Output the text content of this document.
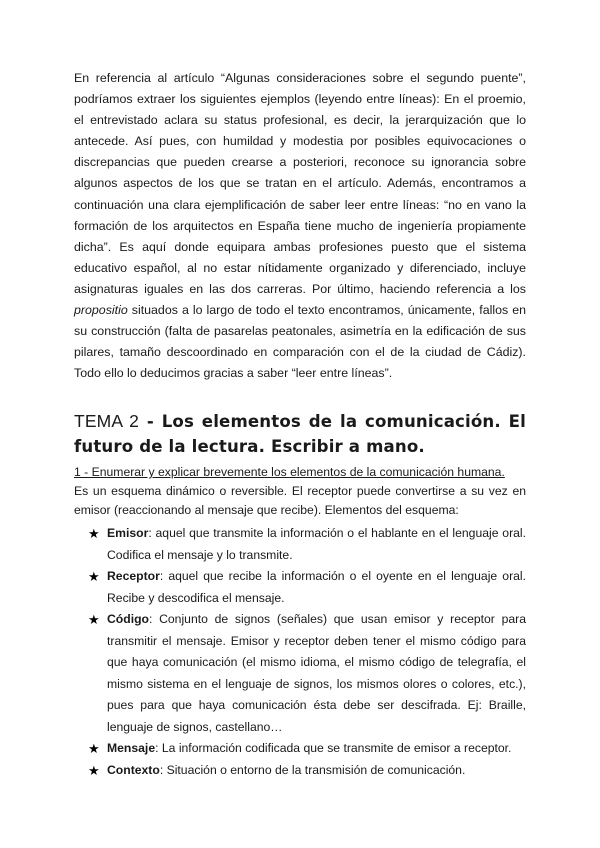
En referencia al artículo “Algunas consideraciones sobre el segundo puente”, podríamos extraer los siguientes ejemplos (leyendo entre líneas): En el proemio, el entrevistado aclara su status profesional, es decir, la jerarquización que lo antecede. Así pues, con humildad y modestia por posibles equivocaciones o discrepancias que pueden crearse a posteriori, reconoce su ignorancia sobre algunos aspectos de los que se tratan en el artículo. Además, encontramos a continuación una clara ejemplificación de saber leer entre líneas: “no en vano la formación de los arquitectos en España tiene mucho de ingeniería propiamente dicha”. Es aquí donde equipara ambas profesiones puesto que el sistema educativo español, al no estar nítidamente organizado y diferenciado, incluye asignaturas iguales en las dos carreras. Por último, haciendo referencia a los propositio situados a lo largo de todo el texto encontramos, únicamente, fallos en su construcción (falta de pasarelas peatonales, asimetría en la edificación de sus pilares, tamaño descoordinado en comparación con el de la ciudad de Cádiz). Todo ello lo deducimos gracias a saber “leer entre líneas”.

TEMA 2 - Los elementos de la comunicación. El futuro de la lectura. Escribir a mano.

1 - Enumerar y explicar brevemente los elementos de la comunicación humana.

Es un esquema dinámico o reversible. El receptor puede convertirse a su vez en emisor (reaccionando al mensaje que recibe). Elementos del esquema:

★ Emisor: aquel que transmite la información o el hablante en el lenguaje oral. Codifica el mensaje y lo transmite.
★ Receptor: aquel que recibe la información o el oyente en el lenguaje oral. Recibe y descodifica el mensaje.
★ Código: Conjunto de signos (señales) que usan emisor y receptor para transmitir el mensaje. Emisor y receptor deben tener el mismo código para que haya comunicación (el mismo idioma, el mismo código de telegrafía, el mismo sistema en el lenguaje de signos, los mismos olores o colores, etc.), pues para que haya comunicación ésta debe ser descifrada. Ej: Braille, lenguaje de signos, castellano…
★ Mensaje: La información codificada que se transmite de emisor a receptor.
★ Contexto: Situación o entorno de la transmisión de comunicación.
